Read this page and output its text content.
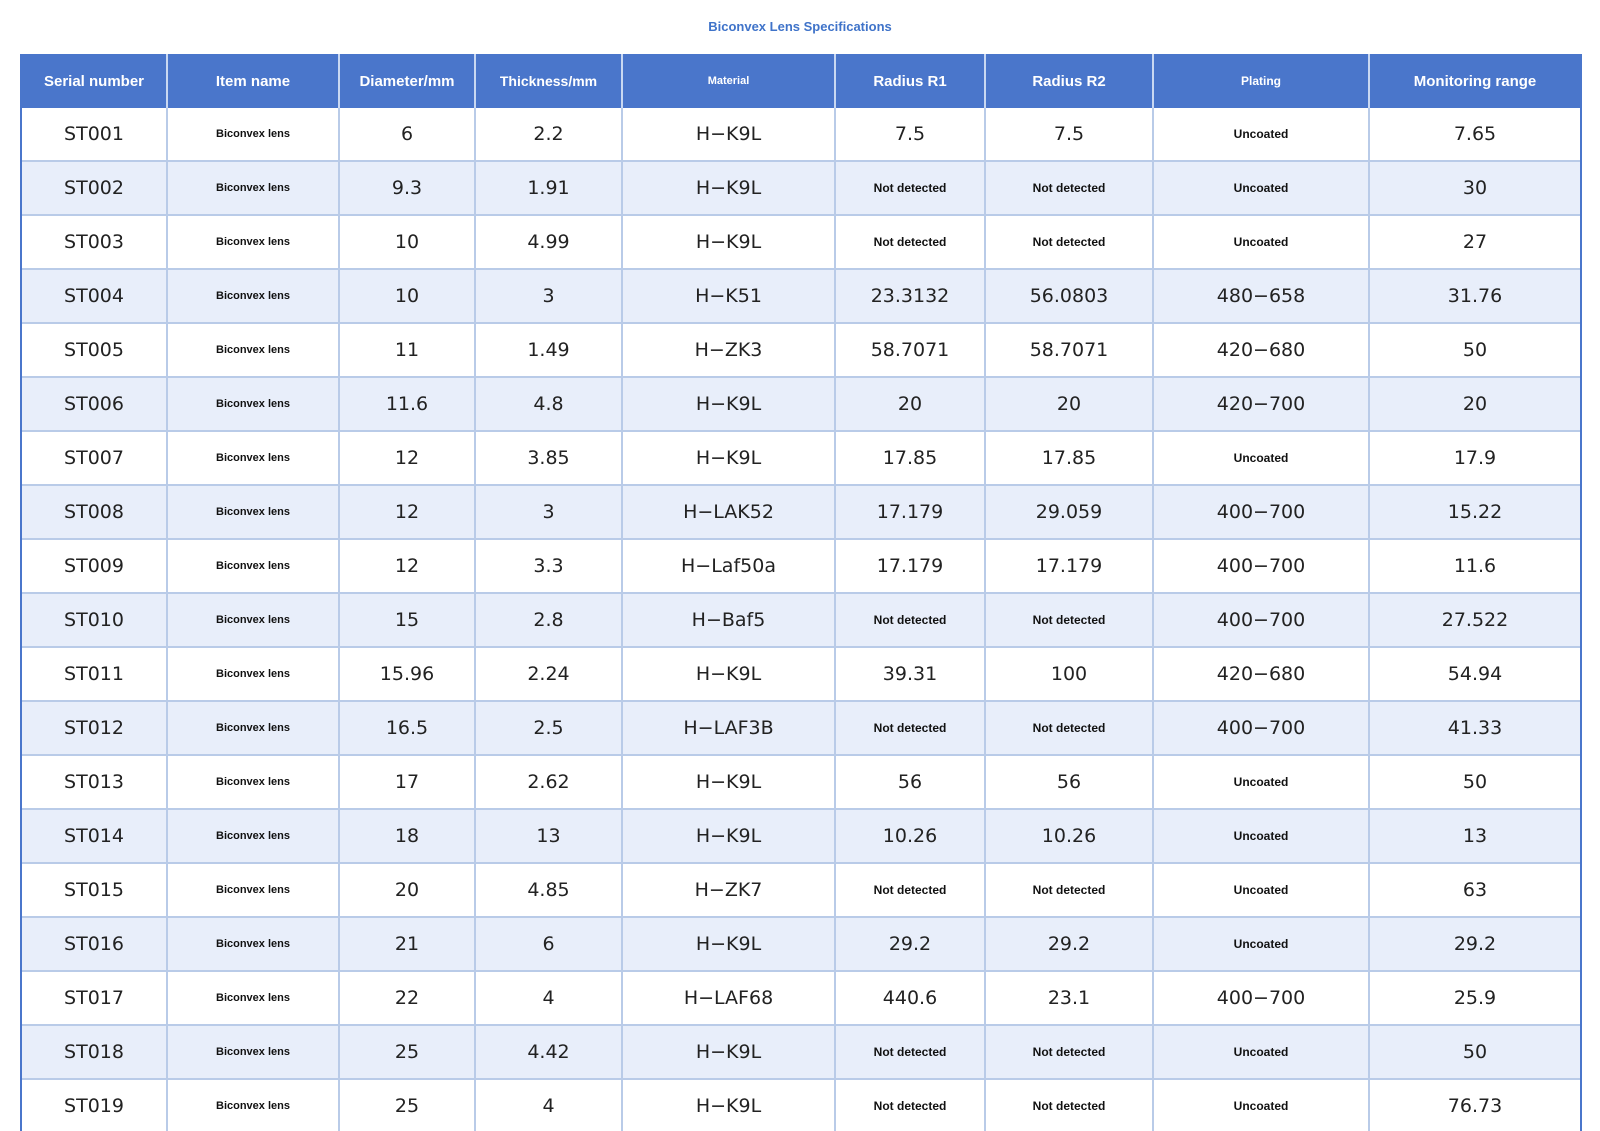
Biconvex Lens Specifications
Serial number	Item name	Diameter/mm	Thickness/mm	Material	Radius R1	Radius R2	Plating	Monitoring range
ST001	Biconvex lens	6	2.2	H−K9L	7.5	7.5	Uncoated	7.65
ST002	Biconvex lens	9.3	1.91	H−K9L	Not detected	Not detected	Uncoated	30
ST003	Biconvex lens	10	4.99	H−K9L	Not detected	Not detected	Uncoated	27
ST004	Biconvex lens	10	3	H−K51	23.3132	56.0803	480−658	31.76
ST005	Biconvex lens	11	1.49	H−ZK3	58.7071	58.7071	420−680	50
ST006	Biconvex lens	11.6	4.8	H−K9L	20	20	420−700	20
ST007	Biconvex lens	12	3.85	H−K9L	17.85	17.85	Uncoated	17.9
ST008	Biconvex lens	12	3	H−LAK52	17.179	29.059	400−700	15.22
ST009	Biconvex lens	12	3.3	H−Laf50a	17.179	17.179	400−700	11.6
ST010	Biconvex lens	15	2.8	H−Baf5	Not detected	Not detected	400−700	27.522
ST011	Biconvex lens	15.96	2.24	H−K9L	39.31	100	420−680	54.94
ST012	Biconvex lens	16.5	2.5	H−LAF3B	Not detected	Not detected	400−700	41.33
ST013	Biconvex lens	17	2.62	H−K9L	56	56	Uncoated	50
ST014	Biconvex lens	18	13	H−K9L	10.26	10.26	Uncoated	13
ST015	Biconvex lens	20	4.85	H−ZK7	Not detected	Not detected	Uncoated	63
ST016	Biconvex lens	21	6	H−K9L	29.2	29.2	Uncoated	29.2
ST017	Biconvex lens	22	4	H−LAF68	440.6	23.1	400−700	25.9
ST018	Biconvex lens	25	4.42	H−K9L	Not detected	Not detected	Uncoated	50
ST019	Biconvex lens	25	4	H−K9L	Not detected	Not detected	Uncoated	76.73
